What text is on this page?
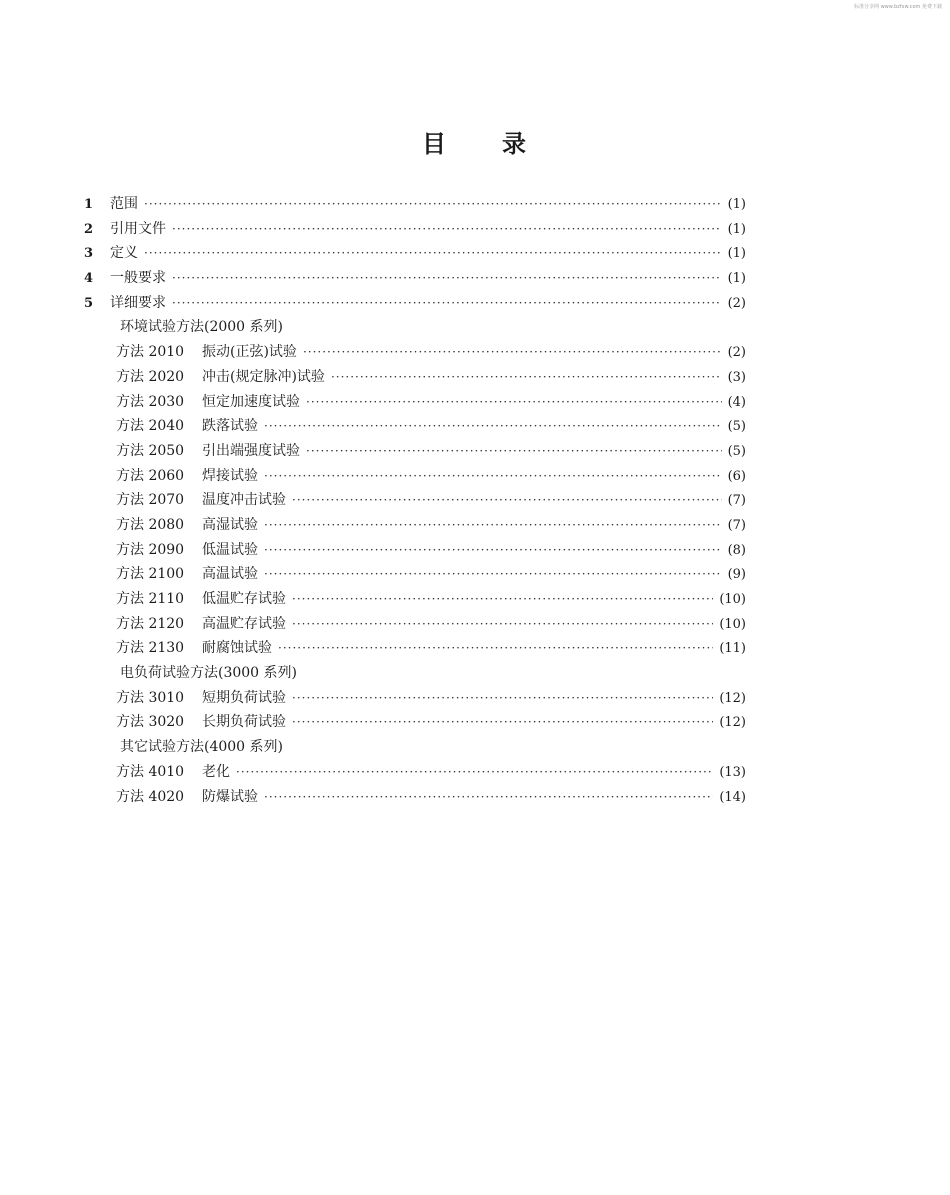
标准分享网 www.bzfxw.com 免费下载
目 录
1	范围 ·····	(1)
2	引用文件 ·····	(1)
3	定义 ·····	(1)
4	一般要求 ·····	(1)
5	详细要求 ·····	(2)
环境试验方法(2000 系列)
方法 2010	振动(正弦)试验 ·····	(2)
方法 2020	冲击(规定脉冲)试验 ·····	(3)
方法 2030	恒定加速度试验 ·····	(4)
方法 2040	跌落试验 ·····	(5)
方法 2050	引出端强度试验 ·····	(5)
方法 2060	焊接试验 ·····	(6)
方法 2070	温度冲击试验 ·····	(7)
方法 2080	高湿试验 ·····	(7)
方法 2090	低温试验 ·····	(8)
方法 2100	高温试验 ·····	(9)
方法 2110	低温贮存试验 ·····	(10)
方法 2120	高温贮存试验 ·····	(10)
方法 2130	耐腐蚀试验 ·····	(11)
电负荷试验方法(3000 系列)
方法 3010	短期负荷试验 ·····	(12)
方法 3020	长期负荷试验 ·····	(12)
其它试验方法(4000 系列)
方法 4010	老化 ·····	(13)
方法 4020	防爆试验 ·····	(14)
